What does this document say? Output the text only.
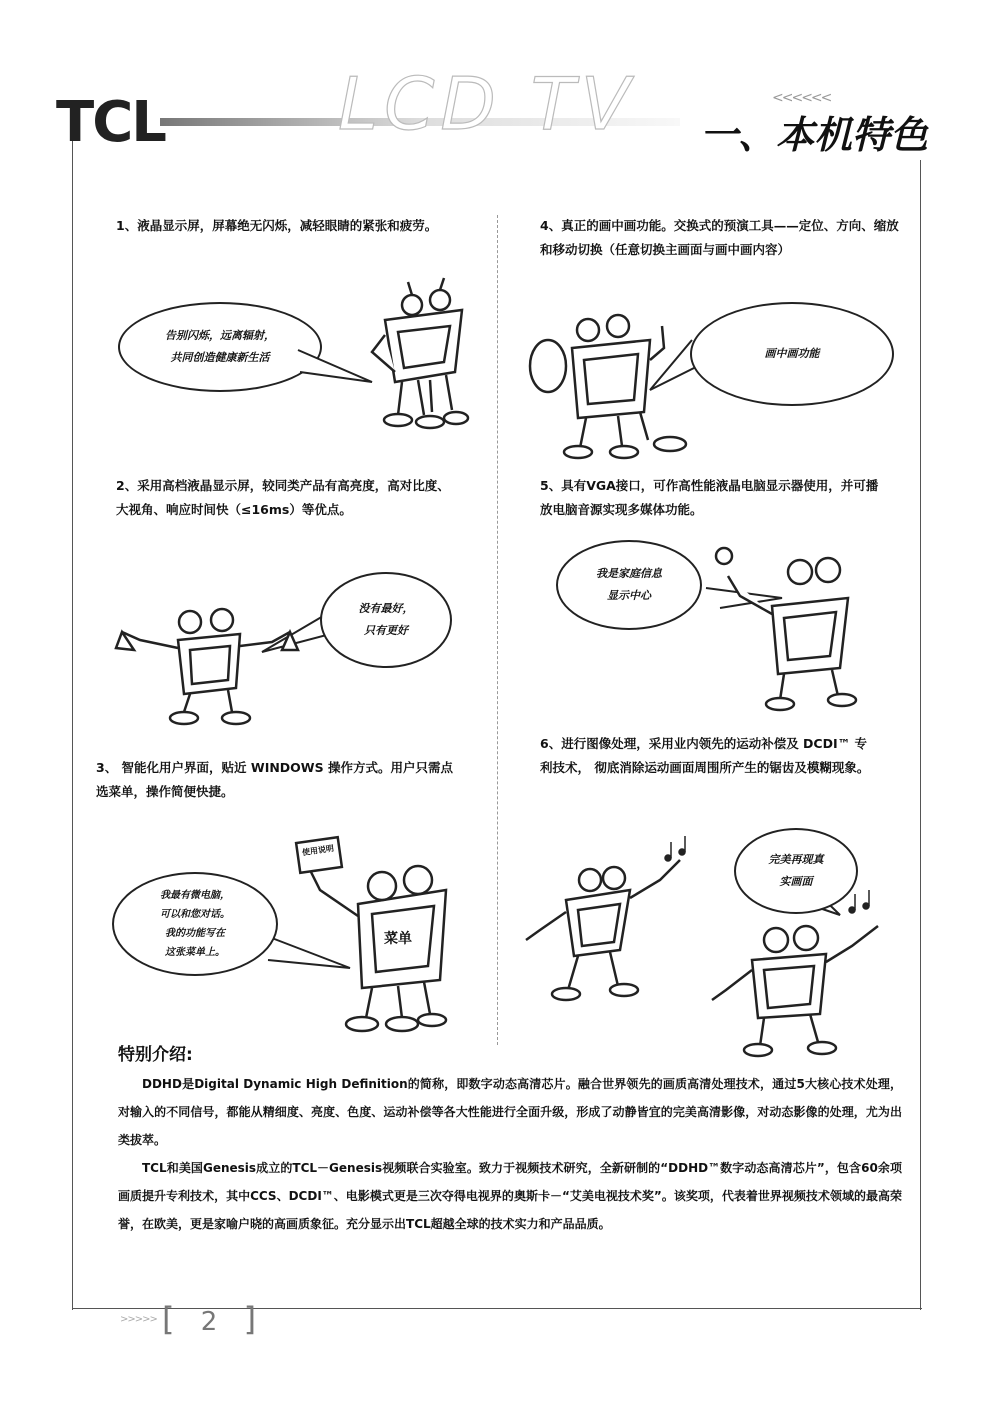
TCL LCD TV	<<<<<<
一、本机特色
1、液晶显示屏，屏幕绝无闪烁，减轻眼睛的紧张和疲劳。
告别闪烁，远离辐射，
共同创造健康新生活
2、采用高档液晶显示屏，较同类产品有高亮度，高对比度、大视角、响应时间快（≤16ms）等优点。
没有最好，
只有更好
3、 智能化用户界面，贴近 WINDOWS 操作方式。用户只需点选菜单，操作简便快捷。
我最有微电脑，
可以和您对话。
我的功能写在
这张菜单上。
使用说明
菜单
4、真正的画中画功能。交换式的预演工具——定位、方向、缩放和移动切换（任意切换主画面与画中画内容）
画中画功能
5、具有VGA接口，可作高性能液晶电脑显示器使用，并可播放电脑音源实现多媒体功能。
我是家庭信息
显示中心
6、进行图像处理，采用业内领先的运动补偿及 DCDI™ 专利技术， 彻底消除运动画面周围所产生的锯齿及模糊现象。
完美再现真
实画面
特别介绍:
DDHD是Digital Dynamic High Definition的简称，即数字动态高清芯片。融合世界领先的画质高清处理技术，通过5大核心技术处理，对输入的不同信号，都能从精细度、亮度、色度、运动补偿等各大性能进行全面升级，形成了动静皆宜的完美高清影像，对动态影像的处理，尤为出类拔萃。
TCL和美国Genesis成立的TCL－Genesis视频联合实验室。致力于视频技术研究，全新研制的“DDHD™数字动态高清芯片”，包含60余项画质提升专利技术，其中CCS、DCDI™、电影模式更是三次夺得电视界的奥斯卡－“艾美电视技术奖”。该奖项，代表着世界视频技术领域的最高荣誉，在欧美，更是家喻户晓的高画质象征。充分显示出TCL超越全球的技术实力和产品品质。
>>>>> [ 2 ]
